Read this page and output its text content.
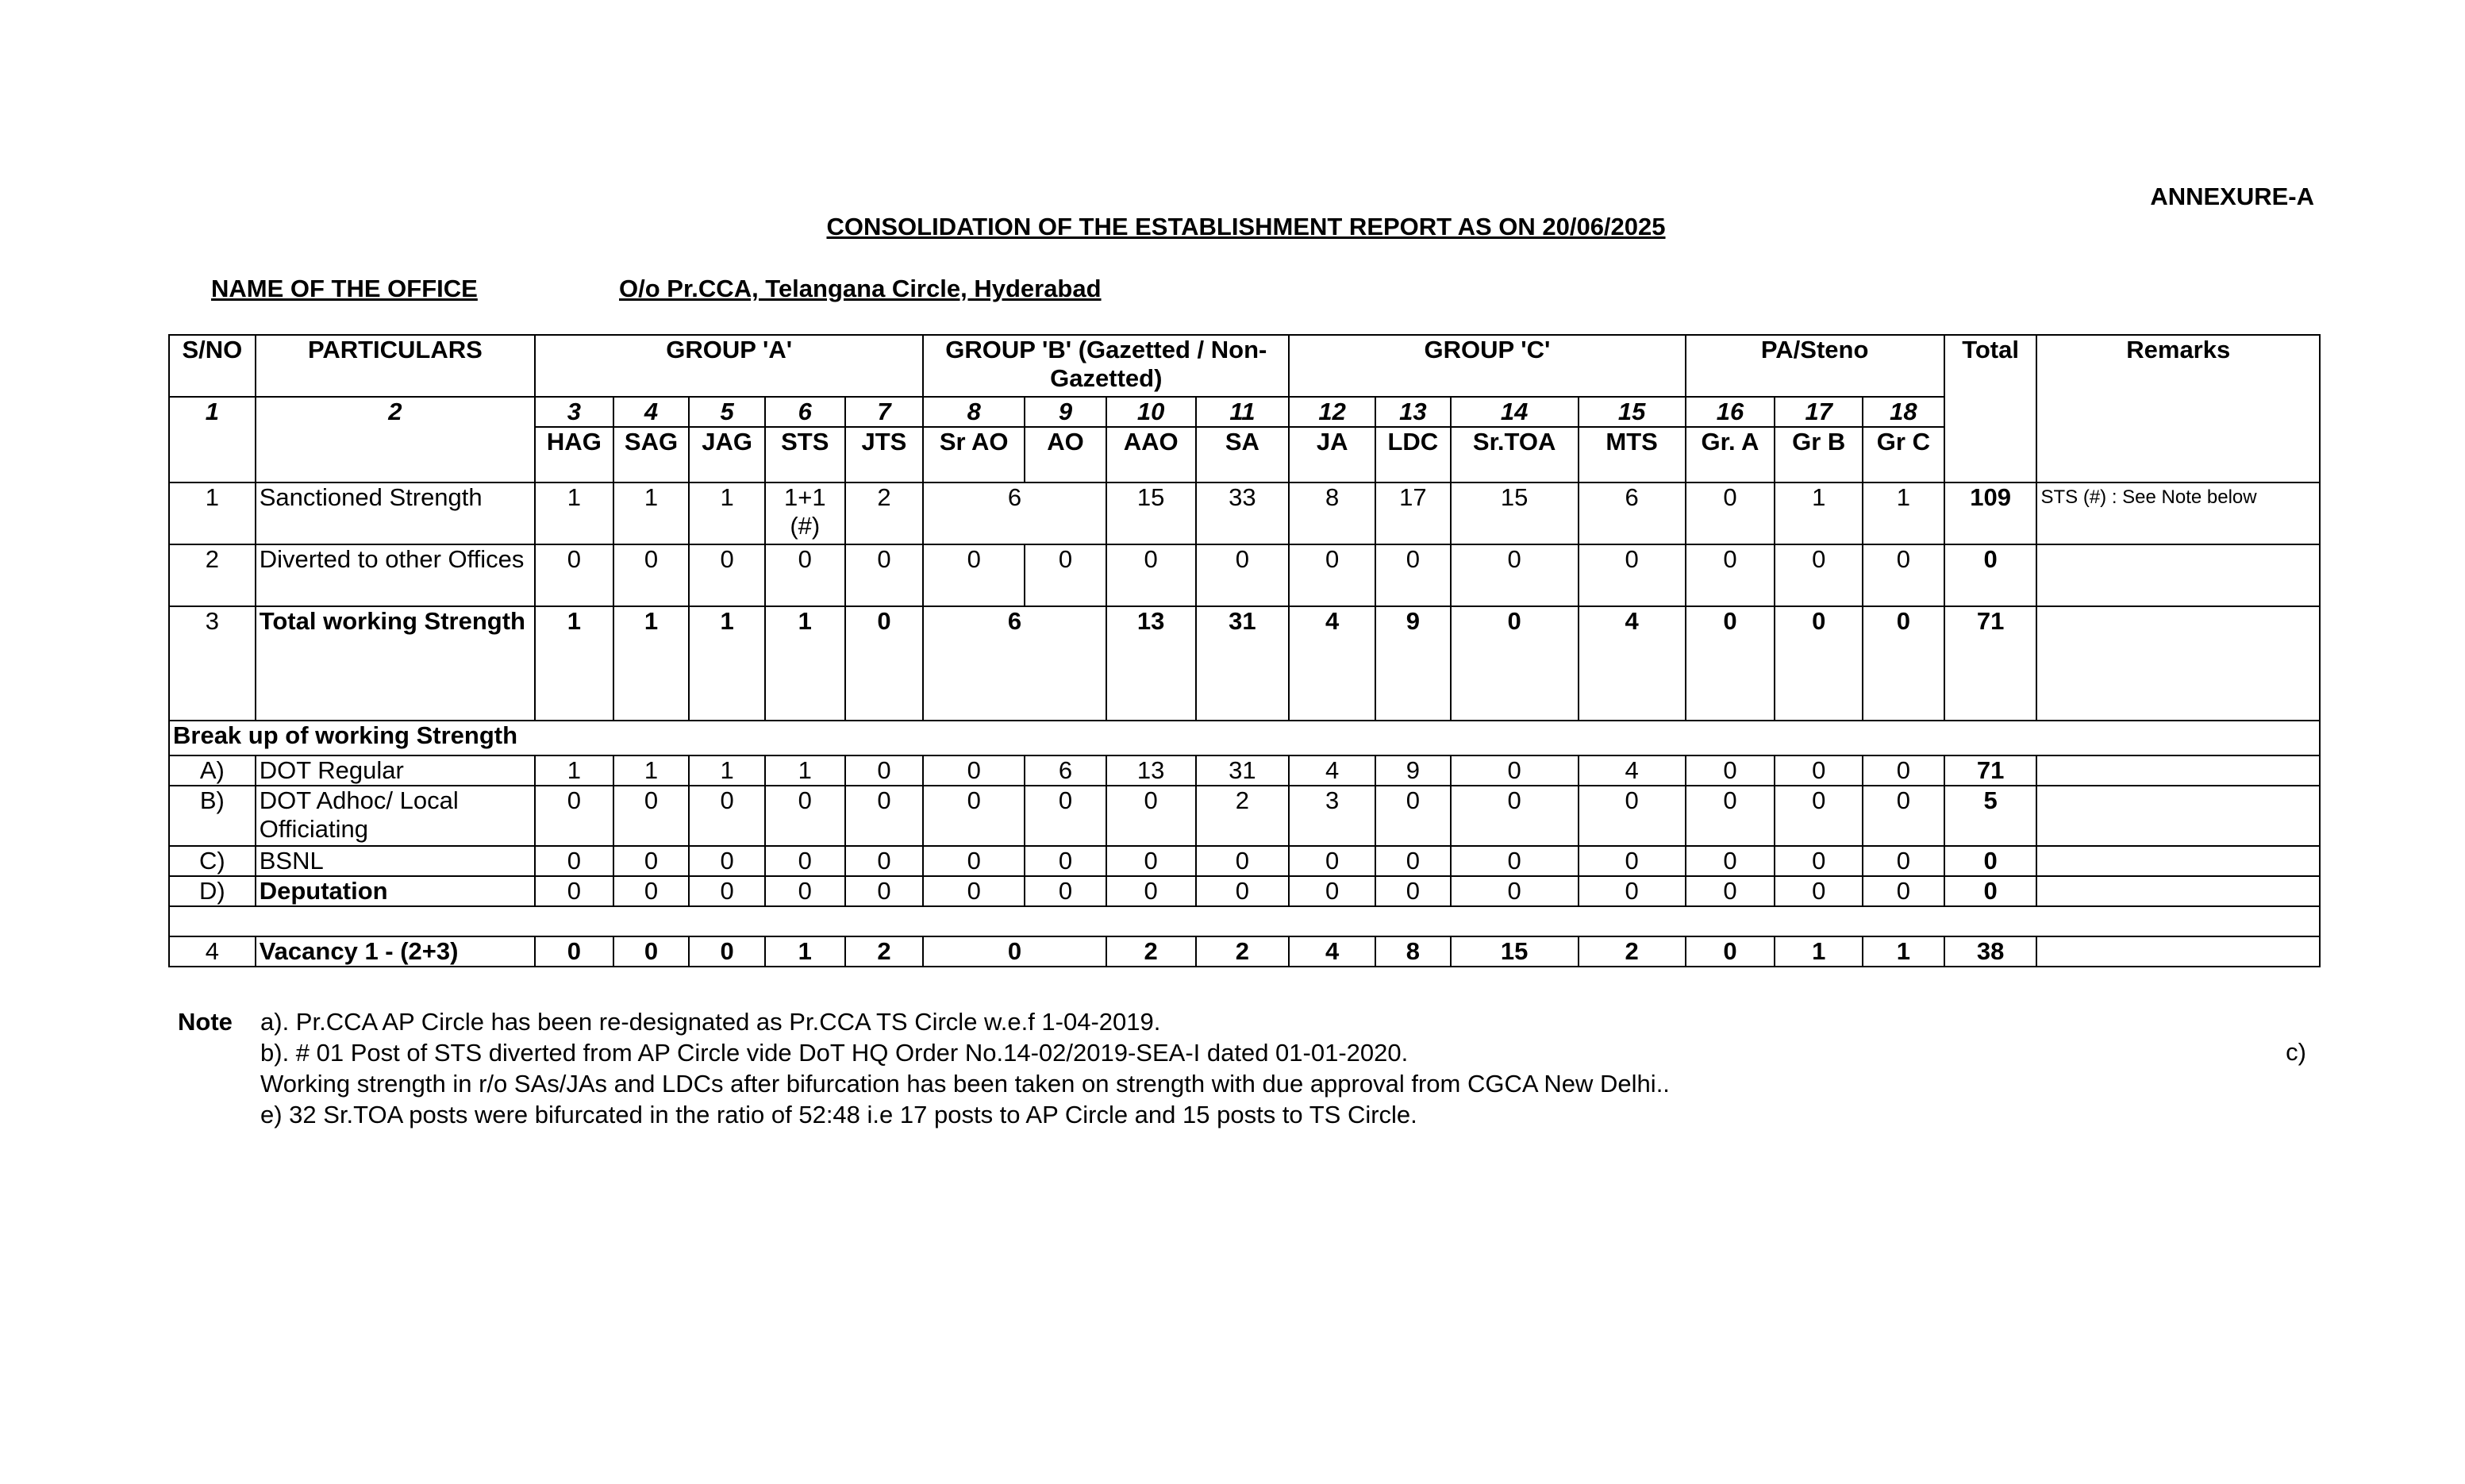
ANNEXURE-A
CONSOLIDATION OF THE ESTABLISHMENT REPORT AS ON 20/06/2025
NAME OF THE OFFICE	O/o Pr.CCA, Telangana Circle, Hyderabad
S/NO	PARTICULARS	GROUP 'A'					GROUP 'B' (Gazetted / Non-Gazetted)				GROUP 'C'				PA/Steno			Total	Remarks
1	2	3	4	5	6	7	8	9	10	11	12	13	14	15	16	17	18		
		HAG	SAG	JAG	STS	JTS	Sr AO	AO	AAO	SA	JA	LDC	Sr.TOA	MTS	Gr. A	Gr B	Gr C		
1	Sanctioned Strength	1	1	1	1+1 (#)	2	6		15	33	8	17	15	6	0	1	1	109	STS (#) : See Note below
2	Diverted to other Offices	0	0	0	0	0	0	0	0	0	0	0	0	0	0	0	0	0	
3	Total working Strength	1	1	1	1	0	6		13	31	4	9	0	4	0	0	0	71	
Break up of working Strength																			
A)	DOT Regular	1	1	1	1	0	0	6	13	31	4	9	0	4	0	0	0	71	
B)	DOT Adhoc/ Local Officiating	0	0	0	0	0	0	0	0	2	3	0	0	0	0	0	0	5	
C)	BSNL	0	0	0	0	0	0	0	0	0	0	0	0	0	0	0	0	0	
D)	Deputation	0	0	0	0	0	0	0	0	0	0	0	0	0	0	0	0	0	

4	Vacancy 1 - (2+3)	0	0	0	1	2	0		2	2	4	8	15	2	0	1	1	38	
Note a). Pr.CCA AP Circle has been re-designated as Pr.CCA TS Circle w.e.f 1-04-2019.
b). # 01 Post of STS diverted from AP Circle vide DoT HQ Order No.14-02/2019-SEA-I dated 01-01-2020.
Working strength in r/o SAs/JAs and LDCs after bifurcation has been taken on strength with due approval from CGCA New Delhi..
e) 32 Sr.TOA posts were bifurcated in the ratio of 52:48 i.e 17 posts to AP Circle and 15 posts to TS Circle.
c)
